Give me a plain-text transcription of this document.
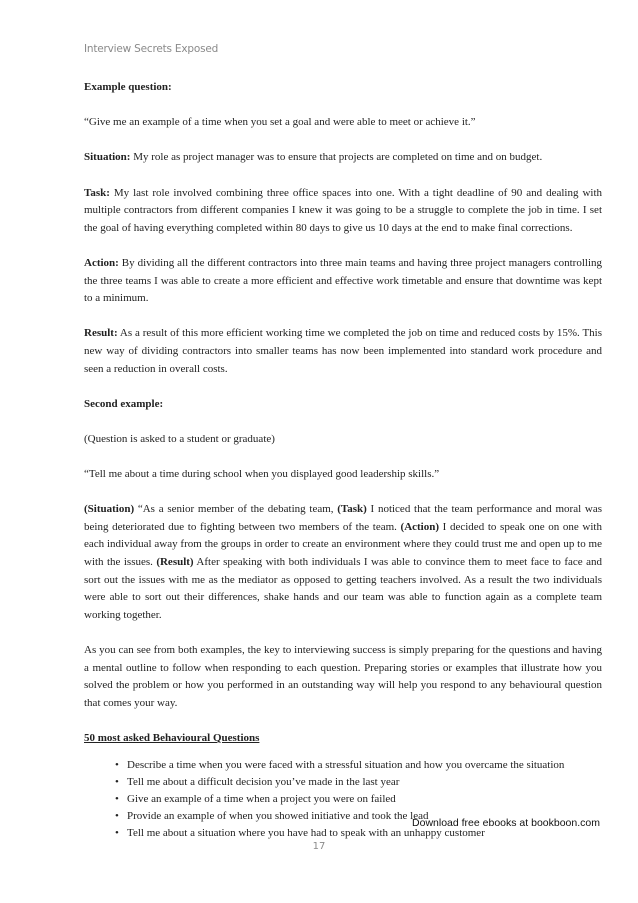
Interview Secrets Exposed

Example question:

“Give me an example of a time when you set a goal and were able to meet or achieve it.”

Situation: My role as project manager was to ensure that projects are completed on time and on budget.

Task: My last role involved combining three office spaces into one. With a tight deadline of 90 and dealing with multiple contractors from different companies I knew it was going to be a struggle to complete the job in time. I set the goal of having everything completed within 80 days to give us 10 days at the end to make final corrections.

Action: By dividing all the different contractors into three main teams and having three project managers controlling the three teams I was able to create a more efficient and effective work timetable and ensure that downtime was kept to a minimum.

Result: As a result of this more efficient working time we completed the job on time and reduced costs by 15%. This new way of dividing contractors into smaller teams has now been implemented into standard work procedure and seen a reduction in overall costs.

Second example:

(Question is asked to a student or graduate)

“Tell me about a time during school when you displayed good leadership skills.”

(Situation) “As a senior member of the debating team, (Task) I noticed that the team performance and moral was being deteriorated due to fighting between two members of the team. (Action) I decided to speak one on one with each individual away from the groups in order to create an environment where they could trust me and open up to me with the issues. (Result) After speaking with both individuals I was able to convince them to meet face to face and sort out the issues with me as the mediator as opposed to getting teachers involved. As a result the two individuals were able to sort out their differences, shake hands and our team was able to function again as a complete team working together.

As you can see from both examples, the key to interviewing success is simply preparing for the questions and having a mental outline to follow when responding to each question. Preparing stories or examples that illustrate how you solved the problem or how you performed in an outstanding way will help you respond to any behavioural question that comes your way.

50 most asked Behavioural Questions
• Describe a time when you were faced with a stressful situation and how you overcame the situation
• Tell me about a difficult decision you’ve made in the last year
• Give an example of a time when a project you were on failed
• Provide an example of when you showed initiative and took the lead
• Tell me about a situation where you have had to speak with an unhappy customer
Download free ebooks at bookboon.com
17
